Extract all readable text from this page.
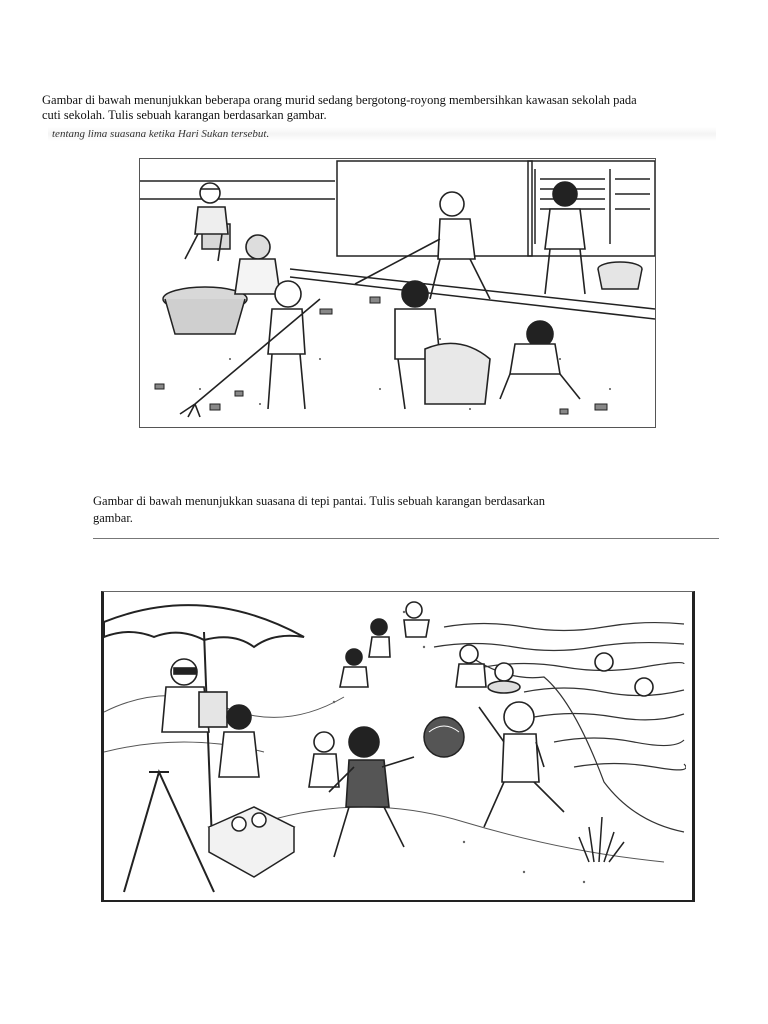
Gambar di bawah menunjukkan beberapa orang murid sedang bergotong-royong membersihkan kawasan sekolah pada
cuti sekolah. Tulis sebuah karangan berdasarkan gambar.
tentang lima suasana ketika Hari Sukan tersebut.
Gambar di bawah menunjukkan suasana di tepi pantai. Tulis sebuah karangan berdasarkan
gambar.
